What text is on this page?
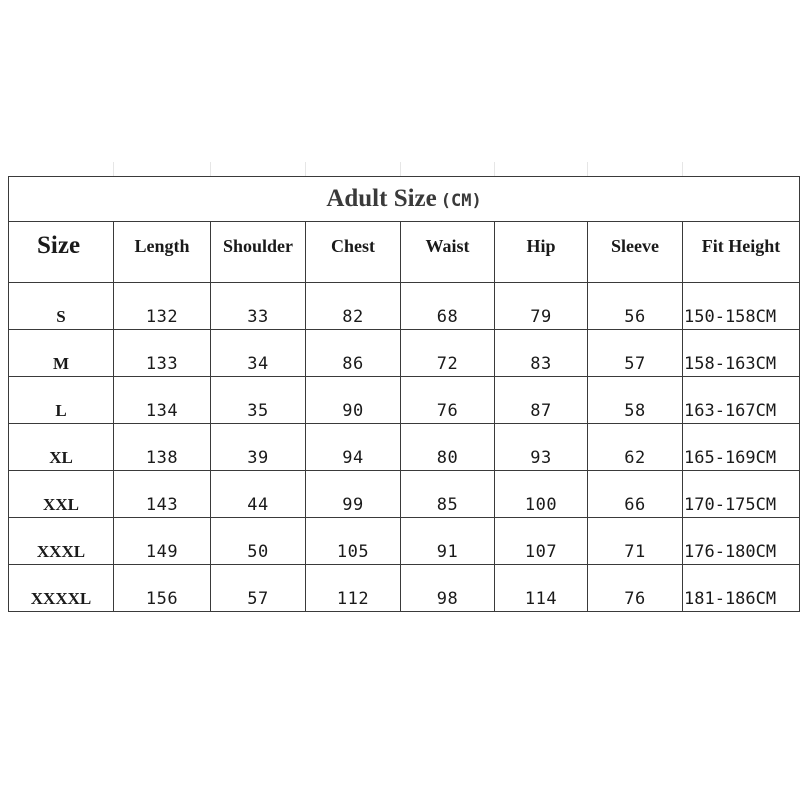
Adult Size (CM)							
Size	Length	Shoulder	Chest	Waist	Hip	Sleeve	Fit Height
S	132	33	82	68	79	56	150-158CM
M	133	34	86	72	83	57	158-163CM
L	134	35	90	76	87	58	163-167CM
XL	138	39	94	80	93	62	165-169CM
XXL	143	44	99	85	100	66	170-175CM
XXXL	149	50	105	91	107	71	176-180CM
XXXXL	156	57	112	98	114	76	181-186CM
